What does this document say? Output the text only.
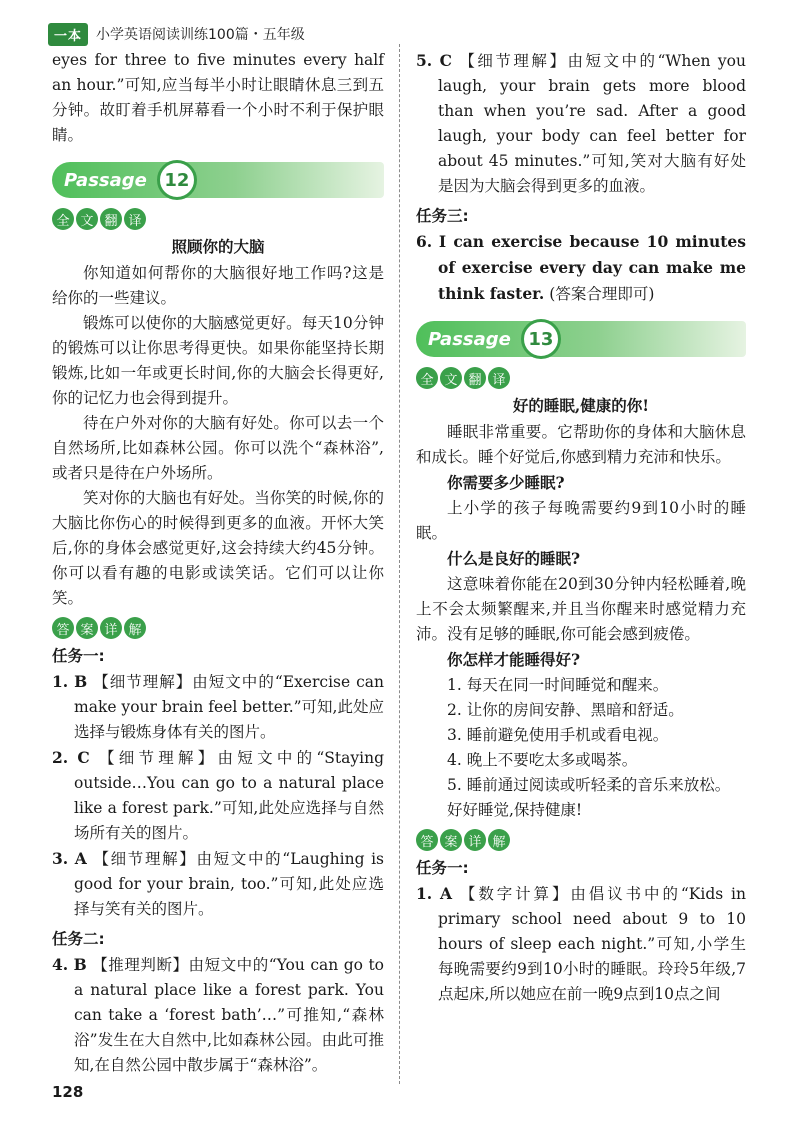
一本	小学英语阅读训练100篇・五年级

eyes for three to five minutes every half an hour.”可知,应当每半小时让眼睛休息三到五分钟。故盯着手机屏幕看一个小时不利于保护眼睛。

Passage 12
全 文 翻 译
照顾你的大脑

你知道如何帮你的大脑很好地工作吗?这是给你的一些建议。

锻炼可以使你的大脑感觉更好。每天10分钟的锻炼可以让你思考得更快。如果你能坚持长期锻炼,比如一年或更长时间,你的大脑会长得更好,你的记忆力也会得到提升。

待在户外对你的大脑有好处。你可以去一个自然场所,比如森林公园。你可以洗个“森林浴”,或者只是待在户外场所。

笑对你的大脑也有好处。当你笑的时候,你的大脑比你伤心的时候得到更多的血液。开怀大笑后,你的身体会感觉更好,这会持续大约45分钟。你可以看有趣的电影或读笑话。它们可以让你笑。

答 案 详 解
任务一:

1. B 【细节理解】由短文中的“Exercise can make your brain feel better.”可知,此处应选择与锻炼身体有关的图片。

2. C 【细节理解】由短文中的“Staying outside…You can go to a natural place like a forest park.”可知,此处应选择与自然场所有关的图片。

3. A 【细节理解】由短文中的“Laughing is good for your brain, too.”可知,此处应选择与笑有关的图片。

任务二:

4. B 【推理判断】由短文中的“You can go to a natural place like a forest park. You can take a ‘forest bath’…”可推知,“森林浴”发生在大自然中,比如森林公园。由此可推知,在自然公园中散步属于“森林浴”。

5. C 【细节理解】由短文中的“When you laugh, your brain gets more blood than when you’re sad. After a good laugh, your body can feel better for about 45 minutes.”可知,笑对大脑有好处是因为大脑会得到更多的血液。

任务三:

6. I can exercise because 10 minutes of exercise every day can make me think faster. (答案合理即可)

Passage 13
全 文 翻 译
好的睡眠,健康的你!

睡眠非常重要。它帮助你的身体和大脑休息和成长。睡个好觉后,你感到精力充沛和快乐。

你需要多少睡眠?

上小学的孩子每晚需要约9到10小时的睡眠。

什么是良好的睡眠?

这意味着你能在20到30分钟内轻松睡着,晚上不会太频繁醒来,并且当你醒来时感觉精力充沛。没有足够的睡眠,你可能会感到疲倦。

你怎样才能睡得好?

1. 每天在同一时间睡觉和醒来。

2. 让你的房间安静、黑暗和舒适。

3. 睡前避免使用手机或看电视。

4. 晚上不要吃太多或喝茶。

5. 睡前通过阅读或听轻柔的音乐来放松。

好好睡觉,保持健康!

答 案 详 解
任务一:

1. A 【数字计算】由倡议书中的“Kids in primary school need about 9 to 10 hours of sleep each night.”可知,小学生每晚需要约9到10小时的睡眠。玲玲5年级,7点起床,所以她应在前一晚9点到10点之间

128
